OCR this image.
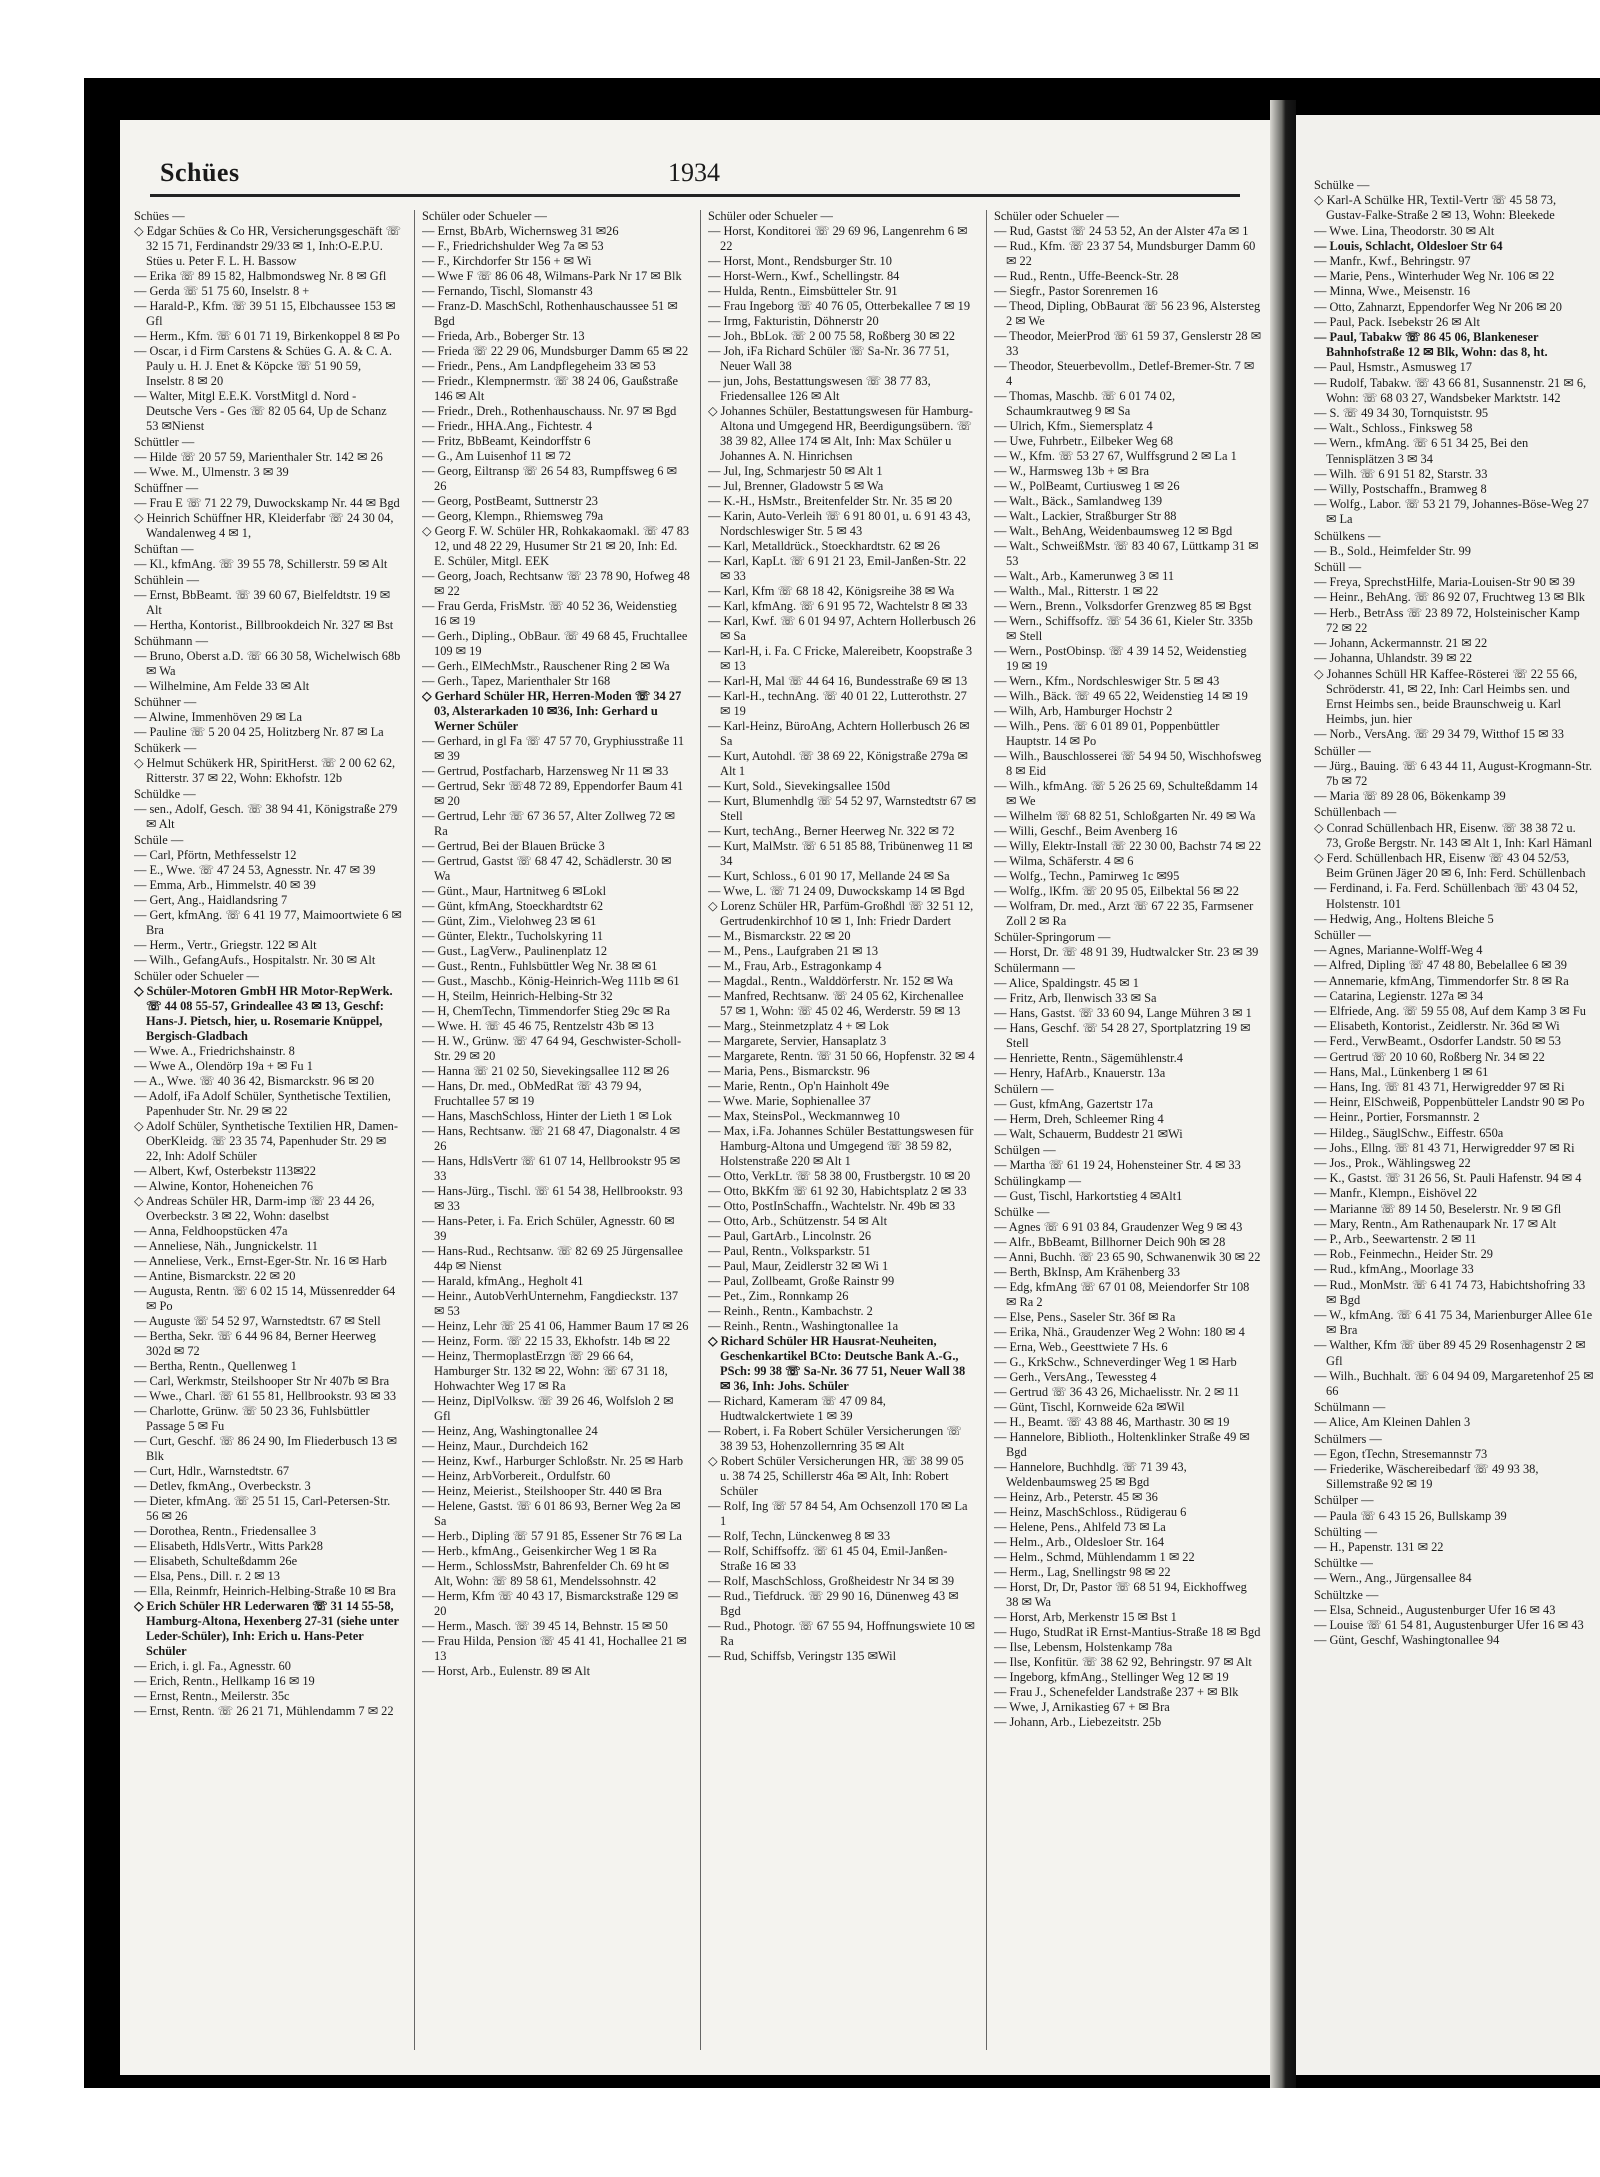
Schües	1934

Schües —

◇ Edgar Schües & Co HR, Versicherungsgeschäft ☏ 32 15 71, Ferdinandstr 29/33 ✉ 1, Inh:O-E.P.U. Stües u. Peter F. L. H. Bassow

— Erika ☏ 89 15 82, Halbmondsweg Nr. 8 ✉ Gfl

— Gerda ☏ 51 75 60, Inselstr. 8 +

— Harald-P., Kfm. ☏ 39 51 15, Elbchaussee 153 ✉ Gfl

— Herm., Kfm. ☏ 6 01 71 19, Birkenkoppel 8 ✉ Po

— Oscar, i d Firm Carstens & Schües G. A. & C. A. Pauly u. H. J. Enet & Köpcke ☏ 51 90 59, Inselstr. 8 ✉ 20

— Walter, Mitgl E.E.K. VorstMitgl d. Nord - Deutsche Vers - Ges ☏ 82 05 64, Up de Schanz 53 ✉Nienst

Schüttler —

— Hilde ☏ 20 57 59, Marienthaler Str. 142 ✉ 26

— Wwe. M., Ulmenstr. 3 ✉ 39

Schüffner —

— Frau E ☏ 71 22 79, Duwockskamp Nr. 44 ✉ Bgd

◇ Heinrich Schüffner HR, Kleiderfabr ☏ 24 30 04, Wandalenweg 4 ✉ 1,

Schüftan —

— Kl., kfmAng. ☏ 39 55 78, Schillerstr. 59 ✉ Alt

Schühlein —

— Ernst, BbBeamt. ☏ 39 60 67, Bielfeldtstr. 19 ✉ Alt

— Hertha, Kontorist., Billbrookdeich Nr. 327 ✉ Bst

Schühmann —

— Bruno, Oberst a.D. ☏ 66 30 58, Wichelwisch 68b ✉ Wa

— Wilhelmine, Am Felde 33 ✉ Alt

Schühner —

— Alwine, Immenhöven 29 ✉ La

— Pauline ☏ 5 20 04 25, Holitzberg Nr. 87 ✉ La

Schükerk —

◇ Helmut Schükerk HR, SpiritHerst. ☏ 2 00 62 62, Ritterstr. 37 ✉ 22, Wohn: Ekhofstr. 12b

Schüldke —

— sen., Adolf, Gesch. ☏ 38 94 41, Königstraße 279 ✉ Alt

Schüle —

— Carl, Pförtn, Methfesselstr 12

— E., Wwe. ☏ 47 24 53, Agnesstr. Nr. 47 ✉ 39

— Emma, Arb., Himmelstr. 40 ✉ 39

— Gert, Ang., Haidlandsring 7

— Gert, kfmAng. ☏ 6 41 19 77, Maimoortwiete 6 ✉ Bra

— Herm., Vertr., Griegstr. 122 ✉ Alt

— Wilh., GefangAufs., Hospitalstr. Nr. 30 ✉ Alt

Schüler oder Schueler —

◇ Schüler-Motoren GmbH HR Motor-RepWerk. ☏ 44 08 55-57, Grindeallee 43 ✉ 13, Geschf: Hans-J. Pietsch, hier, u. Rosemarie Knüppel, Bergisch-Gladbach

— Wwe. A., Friedrichshainstr. 8

— Wwe A., Olendörp 19a + ✉ Fu 1

— A., Wwe. ☏ 40 36 42, Bismarckstr. 96 ✉ 20

— Adolf, iFa Adolf Schüler, Synthetische Textilien, Papenhuder Str. Nr. 29 ✉ 22

◇ Adolf Schüler, Synthetische Textilien HR, Damen-OberKleidg. ☏ 23 35 74, Papenhuder Str. 29 ✉ 22, Inh: Adolf Schüler

— Albert, Kwf, Osterbekstr 113✉22

— Alwine, Kontor, Hoheneichen 76

◇ Andreas Schüler HR, Darm-imp ☏ 23 44 26, Overbeckstr. 3 ✉ 22, Wohn: daselbst

— Anna, Feldhoopstücken 47a

— Anneliese, Näh., Jungnickelstr. 11

— Anneliese, Verk., Ernst-Eger-Str. Nr. 16 ✉ Harb

— Antine, Bismarckstr. 22 ✉ 20

— Augusta, Rentn. ☏ 6 02 15 14, Müssenredder 64 ✉ Po

— Auguste ☏ 54 52 97, Warnstedtstr. 67 ✉ Stell

— Bertha, Sekr. ☏ 6 44 96 84, Berner Heerweg 302d ✉ 72

— Bertha, Rentn., Quellenweg 1

— Carl, Werkmstr, Steilshooper Str Nr 407b ✉ Bra

— Wwe., Charl. ☏ 61 55 81, Hellbrookstr. 93 ✉ 33

— Charlotte, Grünw. ☏ 50 23 36, Fuhlsbüttler Passage 5 ✉ Fu

— Curt, Geschf. ☏ 86 24 90, Im Fliederbusch 13 ✉ Blk

— Curt, Hdlr., Warnstedtstr. 67

— Detlev, fkmAng., Overbeckstr. 3

— Dieter, kfmAng. ☏ 25 51 15, Carl-Petersen-Str. 56 ✉ 26

— Dorothea, Rentn., Friedensallee 3

— Elisabeth, HdlsVertr., Witts Park28

— Elisabeth, Schulteßdamm 26e

— Elsa, Pens., Dill. r. 2 ✉ 13

— Ella, Reinmfr, Heinrich-Helbing-Straße 10 ✉ Bra

◇ Erich Schüler HR Lederwaren ☏ 31 14 55-58, Hamburg-Altona, Hexenberg 27-31 (siehe unter Leder-Schüler), Inh: Erich u. Hans-Peter Schüler

— Erich, i. gl. Fa., Agnesstr. 60

— Erich, Rentn., Hellkamp 16 ✉ 19

— Ernst, Rentn., Meilerstr. 35c

— Ernst, Rentn. ☏ 26 21 71, Mühlendamm 7 ✉ 22

Schüler oder Schueler —

— Ernst, BbArb, Wichernsweg 31 ✉26

— F., Friedrichshulder Weg 7a ✉ 53

— F., Kirchdorfer Str 156 + ✉ Wi

— Wwe F ☏ 86 06 48, Wilmans-Park Nr 17 ✉ Blk

— Fernando, Tischl, Slomanstr 43

— Franz-D. MaschSchl, Rothenhauschaussee 51 ✉ Bgd

— Frieda, Arb., Boberger Str. 13

— Frieda ☏ 22 29 06, Mundsburger Damm 65 ✉ 22

— Friedr., Pens., Am Landpflegeheim 33 ✉ 53

— Friedr., Klempnermstr. ☏ 38 24 06, Gaußstraße 146 ✉ Alt

— Friedr., Dreh., Rothenhauschauss. Nr. 97 ✉ Bgd

— Friedr., HHA.Ang., Fichtestr. 4

— Fritz, BbBeamt, Keindorffstr 6

— G., Am Luisenhof 11 ✉ 72

— Georg, Eiltransp ☏ 26 54 83, Rumpffsweg 6 ✉ 26

— Georg, PostBeamt, Suttnerstr 23

— Georg, Klempn., Rhiemsweg 79a

◇ Georg F. W. Schüler HR, Rohkakaomakl. ☏ 47 83 12, und 48 22 29, Husumer Str 21 ✉ 20, Inh: Ed. E. Schüler, Mitgl. EEK

— Georg, Joach, Rechtsanw ☏ 23 78 90, Hofweg 48 ✉ 22

— Frau Gerda, FrisMstr. ☏ 40 52 36, Weidenstieg 16 ✉ 19

— Gerh., Dipling., ObBaur. ☏ 49 68 45, Fruchtallee 109 ✉ 19

— Gerh., ElMechMstr., Rauschener Ring 2 ✉ Wa

— Gerh., Tapez, Marienthaler Str 168

◇ Gerhard Schüler HR, Herren-Moden ☏ 34 27 03, Alsterarkaden 10 ✉36, Inh: Gerhard u Werner Schüler

— Gerhard, in gl Fa ☏ 47 57 70, Gryphiusstraße 11 ✉ 39

— Gertrud, Postfacharb, Harzensweg Nr 11 ✉ 33

— Gertrud, Sekr ☏48 72 89, Eppendorfer Baum 41 ✉ 20

— Gertrud, Lehr ☏ 67 36 57, Alter Zollweg 72 ✉ Ra

— Gertrud, Bei der Blauen Brücke 3

— Gertrud, Gastst ☏ 68 47 42, Schädlerstr. 30 ✉ Wa

— Günt., Maur, Hartnitweg 6 ✉Lokl

— Günt, kfmAng, Stoeckhardtstr 62

— Günt, Zim., Vielohweg 23 ✉ 61

— Günter, Elektr., Tucholskyring 11

— Gust., LagVerw., Paulinenplatz 12

— Gust., Rentn., Fuhlsbüttler Weg Nr. 38 ✉ 61

— Gust., Maschb., König-Heinrich-Weg 111b ✉ 61

— H, Steilm, Heinrich-Helbing-Str 32

— H, ChemTechn, Timmendorfer Stieg 29c ✉ Ra

— Wwe. H. ☏ 45 46 75, Rentzelstr 43b ✉ 13

— H. W., Grünw. ☏ 47 64 94, Geschwister-Scholl-Str. 29 ✉ 20

— Hanna ☏ 21 02 50, Sievekingsallee 112 ✉ 26

— Hans, Dr. med., ObMedRat ☏ 43 79 94, Fruchtallee 57 ✉ 19

— Hans, MaschSchloss, Hinter der Lieth 1 ✉ Lok

— Hans, Rechtsanw. ☏ 21 68 47, Diagonalstr. 4 ✉ 26

— Hans, HdlsVertr ☏ 61 07 14, Hellbrookstr 95 ✉ 33

— Hans-Jürg., Tischl. ☏ 61 54 38, Hellbrookstr. 93 ✉ 33

— Hans-Peter, i. Fa. Erich Schüler, Agnesstr. 60 ✉ 39

— Hans-Rud., Rechtsanw. ☏ 82 69 25 Jürgensallee 44p ✉ Nienst

— Harald, kfmAng., Hegholt 41

— Heinr., AutobVerhUnternehm, Fangdieckstr. 137 ✉ 53

— Heinz, Lehr ☏ 25 41 06, Hammer Baum 17 ✉ 26

— Heinz, Form. ☏ 22 15 33, Ekhofstr. 14b ✉ 22

— Heinz, ThermoplastErzgn ☏ 29 66 64, Hamburger Str. 132 ✉ 22, Wohn: ☏ 67 31 18, Hohwachter Weg 17 ✉ Ra

— Heinz, DiplVolksw. ☏ 39 26 46, Wolfsloh 2 ✉ Gfl

— Heinz, Ang, Washingtonallee 24

— Heinz, Maur., Durchdeich 162

— Heinz, Kwf., Harburger Schloßstr. Nr. 25 ✉ Harb

— Heinz, ArbVorbereit., Ordulfstr. 60

— Heinz, Meierist., Steilshooper Str. 440 ✉ Bra

— Helene, Gastst. ☏ 6 01 86 93, Berner Weg 2a ✉ Sa

— Herb., Dipling ☏ 57 91 85, Essener Str 76 ✉ La

— Herb., kfmAng., Geisenkircher Weg 1 ✉ Ra

— Herm., SchlossMstr, Bahrenfelder Ch. 69 ht ✉ Alt, Wohn: ☏ 89 58 61, Mendelssohnstr. 42

— Herm, Kfm ☏ 40 43 17, Bismarckstraße 129 ✉ 20

— Herm., Masch. ☏ 39 45 14, Behnstr. 15 ✉ 50

— Frau Hilda, Pension ☏ 45 41 41, Hochallee 21 ✉ 13

— Horst, Arb., Eulenstr. 89 ✉ Alt

Schüler oder Schueler —

— Horst, Konditorei ☏ 29 69 96, Langenrehm 6 ✉ 22

— Horst, Mont., Rendsburger Str. 10

— Horst-Wern., Kwf., Schellingstr. 84

— Hulda, Rentn., Eimsbütteler Str. 91

— Frau Ingeborg ☏ 40 76 05, Otterbekallee 7 ✉ 19

— Irmg, Fakturistin, Döhnerstr 20

— Joh., BbLok. ☏ 2 00 75 58, Roßberg 30 ✉ 22

— Joh, iFa Richard Schüler ☏ Sa-Nr. 36 77 51, Neuer Wall 38

— jun, Johs, Bestattungswesen ☏ 38 77 83, Friedensallee 126 ✉ Alt

◇ Johannes Schüler, Bestattungswesen für Hamburg-Altona und Umgegend HR, Beerdigungsübern. ☏ 38 39 82, Allee 174 ✉ Alt, Inh: Max Schüler u Johannes A. N. Hinrichsen

— Jul, Ing, Schmarjestr 50 ✉ Alt 1

— Jul, Brenner, Gladowstr 5 ✉ Wa

— K.-H., HsMstr., Breitenfelder Str. Nr. 35 ✉ 20

— Karin, Auto-Verleih ☏ 6 91 80 01, u. 6 91 43 43, Nordschleswiger Str. 5 ✉ 43

— Karl, Metalldrück., Stoeckhardtstr. 62 ✉ 26

— Karl, KapLt. ☏ 6 91 21 23, Emil-Janßen-Str. 22 ✉ 33

— Karl, Kfm ☏ 68 18 42, Königsreihe 38 ✉ Wa

— Karl, kfmAng. ☏ 6 91 95 72, Wachtelstr 8 ✉ 33

— Karl, Kwf. ☏ 6 01 94 97, Achtern Hollerbusch 26 ✉ Sa

— Karl-H, i. Fa. C Fricke, Malereibetr, Koopstraße 3 ✉ 13

— Karl-H, Mal ☏ 44 64 16, Bundesstraße 69 ✉ 13

— Karl-H., technAng. ☏ 40 01 22, Lutterothstr. 27 ✉ 19

— Karl-Heinz, BüroAng, Achtern Hollerbusch 26 ✉ Sa

— Kurt, Autohdl. ☏ 38 69 22, Königstraße 279a ✉ Alt 1

— Kurt, Sold., Sievekingsallee 150d

— Kurt, Blumenhdlg ☏ 54 52 97, Warnstedtstr 67 ✉ Stell

— Kurt, techAng., Berner Heerweg Nr. 322 ✉ 72

— Kurt, MalMstr. ☏ 6 51 85 88, Tribünenweg 11 ✉ 34

— Kurt, Schloss., 6 01 90 17, Mellande 24 ✉ Sa

— Wwe, L. ☏ 71 24 09, Duwockskamp 14 ✉ Bgd

◇ Lorenz Schüler HR, Parfüm-Großhdl ☏ 32 51 12, Gertrudenkirchhof 10 ✉ 1, Inh: Friedr Dardert

— M., Bismarckstr. 22 ✉ 20

— M., Pens., Laufgraben 21 ✉ 13

— M., Frau, Arb., Estragonkamp 4

— Magdal., Rentn., Walddörferstr. Nr. 152 ✉ Wa

— Manfred, Rechtsanw. ☏ 24 05 62, Kirchenallee 57 ✉ 1, Wohn: ☏ 45 02 46, Werderstr. 59 ✉ 13

— Marg., Steinmetzplatz 4 + ✉ Lok

— Margarete, Servier, Hansaplatz 3

— Margarete, Rentn. ☏ 31 50 66, Hopfenstr. 32 ✉ 4

— Maria, Pens., Bismarckstr. 96

— Marie, Rentn., Op'n Hainholt 49e

— Wwe. Marie, Sophienallee 37

— Max, SteinsPol., Weckmannweg 10

— Max, i.Fa. Johannes Schüler Bestattungswesen für Hamburg-Altona und Umgegend ☏ 38 59 82, Holstenstraße 220 ✉ Alt 1

— Otto, VerkLtr. ☏ 58 38 00, Frustbergstr. 10 ✉ 20

— Otto, BkKfm ☏ 61 92 30, Habichtsplatz 2 ✉ 33

— Otto, PostInSchaffn., Wachtelstr. Nr. 49b ✉ 33

— Otto, Arb., Schützenstr. 54 ✉ Alt

— Paul, GartArb., Lincolnstr. 26

— Paul, Rentn., Volksparkstr. 51

— Paul, Maur, Zeidlerstr 32 ✉ Wi 1

— Paul, Zollbeamt, Große Rainstr 99

— Pet., Zim., Ronnkamp 26

— Reinh., Rentn., Kambachstr. 2

— Reinh., Rentn., Washingtonallee 1a

◇ Richard Schüler HR Hausrat-Neuheiten, Geschenkartikel BCto: Deutsche Bank A.-G., PSch: 99 38 ☏ Sa-Nr. 36 77 51, Neuer Wall 38 ✉ 36, Inh: Johs. Schüler

— Richard, Kameram ☏ 47 09 84, Hudtwalckertwiete 1 ✉ 39

— Robert, i. Fa Robert Schüler Versicherungen ☏ 38 39 53, Hohenzollernring 35 ✉ Alt

◇ Robert Schüler Versicherungen HR, ☏ 38 99 05 u. 38 74 25, Schillerstr 46a ✉ Alt, Inh: Robert Schüler

— Rolf, Ing ☏ 57 84 54, Am Ochsenzoll 170 ✉ La 1

— Rolf, Techn, Lünckenweg 8 ✉ 33

— Rolf, Schiffsoffz. ☏ 61 45 04, Emil-Janßen-Straße 16 ✉ 33

— Rolf, MaschSchloss, Großheidestr Nr 34 ✉ 39

— Rud., Tiefdruck. ☏ 29 90 16, Dünenweg 43 ✉ Bgd

— Rud., Photogr. ☏ 67 55 94, Hoffnungswiete 10 ✉ Ra

— Rud, Schiffsb, Veringstr 135 ✉Wil

Schüler oder Schueler —

— Rud, Gastst ☏ 24 53 52, An der Alster 47a ✉ 1

— Rud., Kfm. ☏ 23 37 54, Mundsburger Damm 60 ✉ 22

— Rud., Rentn., Uffe-Beenck-Str. 28

— Siegfr., Pastor Sorenremen 16

— Theod, Dipling, ObBaurat ☏ 56 23 96, Alstersteg 2 ✉ We

— Theodor, MeierProd ☏ 61 59 37, Genslerstr 28 ✉ 33

— Theodor, Steuerbevollm., Detlef-Bremer-Str. 7 ✉ 4

— Thomas, Maschb. ☏ 6 01 74 02, Schaumkrautweg 9 ✉ Sa

— Ulrich, Kfm., Siemersplatz 4

— Uwe, Fuhrbetr., Eilbeker Weg 68

— W., Kfm. ☏ 53 27 67, Wulffsgrund 2 ✉ La 1

— W., Harmsweg 13b + ✉ Bra

— W., PolBeamt, Curtiusweg 1 ✉ 26

— Walt., Bäck., Samlandweg 139

— Walt., Lackier, Straßburger Str 88

— Walt., BehAng, Weidenbaumsweg 12 ✉ Bgd

— Walt., SchweißMstr. ☏ 83 40 67, Lüttkamp 31 ✉ 53

— Walt., Arb., Kamerunweg 3 ✉ 11

— Walth., Mal., Ritterstr. 1 ✉ 22

— Wern., Brenn., Volksdorfer Grenzweg 85 ✉ Bgst

— Wern., Schiffsoffz. ☏ 54 36 61, Kieler Str. 335b ✉ Stell

— Wern., PostObinsp. ☏ 4 39 14 52, Weidenstieg 19 ✉ 19

— Wern., Kfm., Nordschleswiger Str. 5 ✉ 43

— Wilh., Bäck. ☏ 49 65 22, Weidenstieg 14 ✉ 19

— Wilh, Arb, Hamburger Hochstr 2

— Wilh., Pens. ☏ 6 01 89 01, Poppenbüttler Hauptstr. 14 ✉ Po

— Wilh., Bauschlosserei ☏ 54 94 50, Wischhofsweg 8 ✉ Eid

— Wilh., kfmAng. ☏ 5 26 25 69, Schulteßdamm 14 ✉ We

— Wilhelm ☏ 68 82 51, Schloßgarten Nr. 49 ✉ Wa

— Willi, Geschf., Beim Avenberg 16

— Willy, Elektr-Install ☏ 22 30 00, Bachstr 74 ✉ 22

— Wilma, Schäferstr. 4 ✉ 6

— Wolfg., Techn., Pamirweg 1c ✉95

— Wolfg., lKfm. ☏ 20 95 05, Eilbektal 56 ✉ 22

— Wolfram, Dr. med., Arzt ☏ 67 22 35, Farmsener Zoll 2 ✉ Ra

Schüler-Springorum —

— Horst, Dr. ☏ 48 91 39, Hudtwalcker Str. 23 ✉ 39

Schülermann —

— Alice, Spaldingstr. 45 ✉ 1

— Fritz, Arb, Ilenwisch 33 ✉ Sa

— Hans, Gastst. ☏ 33 60 94, Lange Mühren 3 ✉ 1

— Hans, Geschf. ☏ 54 28 27, Sportplatzring 19 ✉ Stell

— Henriette, Rentn., Sägemühlenstr.4

— Henry, HafArb., Knauerstr. 13a

Schülern —

— Gust, kfmAng, Gazertstr 17a

— Herm, Dreh, Schleemer Ring 4

— Walt, Schauerm, Buddestr 21 ✉Wi

Schülgen —

— Martha ☏ 61 19 24, Hohensteiner Str. 4 ✉ 33

Schülingkamp —

— Gust, Tischl, Harkortstieg 4 ✉Alt1

Schülke —

— Agnes ☏ 6 91 03 84, Graudenzer Weg 9 ✉ 43

— Alfr., BbBeamt, Billhorner Deich 90h ✉ 28

— Anni, Buchh. ☏ 23 65 90, Schwanenwik 30 ✉ 22

— Berth, BkInsp, Am Krähenberg 33

— Edg, kfmAng ☏ 67 01 08, Meiendorfer Str 108 ✉ Ra 2

— Else, Pens., Saseler Str. 36f ✉ Ra

— Erika, Nhä., Graudenzer Weg 2 Wohn: 180 ✉ 4

— Erna, Web., Geesttwiete 7 Hs. 6

— G., KrkSchw., Schneverdinger Weg 1 ✉ Harb

— Gerh., VersAng., Tewessteg 4

— Gertrud ☏ 36 43 26, Michaelisstr. Nr. 2 ✉ 11

— Günt, Tischl, Kornweide 62a ✉Wil

— H., Beamt. ☏ 43 88 46, Marthastr. 30 ✉ 19

— Hannelore, Biblioth., Holtenklinker Straße 49 ✉ Bgd

— Hannelore, Buchhdlg. ☏ 71 39 43, Weldenbaumsweg 25 ✉ Bgd

— Heinz, Arb., Peterstr. 45 ✉ 36

— Heinz, MaschSchloss., Rüdigerau 6

— Helene, Pens., Ahlfeld 73 ✉ La

— Helm., Arb., Oldesloer Str. 164

— Helm., Schmd, Mühlendamm 1 ✉ 22

— Herm., Lag, Snellingstr 98 ✉ 22

— Horst, Dr, Dr, Pastor ☏ 68 51 94, Eickhoffweg 38 ✉ Wa

— Horst, Arb, Merkenstr 15 ✉ Bst 1

— Hugo, StudRat iR Ernst-Mantius-Straße 18 ✉ Bgd

— Ilse, Lebensm, Holstenkamp 78a

— Ilse, Konfitür. ☏ 38 62 92, Behringstr. 97 ✉ Alt

— Ingeborg, kfmAng., Stellinger Weg 12 ✉ 19

— Frau J., Schenefelder Landstraße 237 + ✉ Blk

— Wwe, J, Arnikastieg 67 + ✉ Bra

— Johann, Arb., Liebezeitstr. 25b

Schülke —

◇ Karl-A Schülke HR, Textil-Vertr ☏ 45 58 73, Gustav-Falke-Straße 2 ✉ 13, Wohn: Bleekede

— Wwe. Lina, Theodorstr. 30 ✉ Alt

— Louis, Schlacht, Oldesloer Str 64

— Manfr., Kwf., Behringstr. 97

— Marie, Pens., Winterhuder Weg Nr. 106 ✉ 22

— Minna, Wwe., Meisenstr. 16

— Otto, Zahnarzt, Eppendorfer Weg Nr 206 ✉ 20

— Paul, Pack. Isebekstr 26 ✉ Alt

— Paul, Tabakw ☏ 86 45 06, Blankeneser Bahnhofstraße 12 ✉ Blk, Wohn: das 8, ht.

— Paul, Hsmstr., Asmusweg 17

— Rudolf, Tabakw. ☏ 43 66 81, Susannenstr. 21 ✉ 6, Wohn: ☏ 68 03 27, Wandsbeker Marktstr. 142

— S. ☏ 49 34 30, Tornquiststr. 95

— Walt., Schloss., Finksweg 58

— Wern., kfmAng. ☏ 6 51 34 25, Bei den Tennisplätzen 3 ✉ 34

— Wilh. ☏ 6 91 51 82, Starstr. 33

— Willy, Postschaffn., Bramweg 8

— Wolfg., Labor. ☏ 53 21 79, Johannes-Böse-Weg 27 ✉ La

Schülkens —

— B., Sold., Heimfelder Str. 99

Schüll —

— Freya, SprechstHilfe, Maria-Louisen-Str 90 ✉ 39

— Heinr., BehAng. ☏ 86 92 07, Fruchtweg 13 ✉ Blk

— Herb., BetrAss ☏ 23 89 72, Holsteinischer Kamp 72 ✉ 22

— Johann, Ackermannstr. 21 ✉ 22

— Johanna, Uhlandstr. 39 ✉ 22

◇ Johannes Schüll HR Kaffee-Rösterei ☏ 22 55 66, Schröderstr. 41, ✉ 22, Inh: Carl Heimbs sen. und Ernst Heimbs sen., beide Braunschweig u. Karl Heimbs, jun. hier

— Norb., VersAng. ☏ 29 34 79, Witthof 15 ✉ 33

Schüller —

— Jürg., Bauing. ☏ 6 43 44 11, August-Krogmann-Str. 7b ✉ 72

— Maria ☏ 89 28 06, Bökenkamp 39

Schüllenbach —

◇ Conrad Schüllenbach HR, Eisenw. ☏ 38 38 72 u. 73, Große Bergstr. Nr. 143 ✉ Alt 1, Inh: Karl Hämanl

◇ Ferd. Schüllenbach HR, Eisenw ☏ 43 04 52/53, Beim Grünen Jäger 20 ✉ 6, Inh: Ferd. Schüllenbach

— Ferdinand, i. Fa. Ferd. Schüllenbach ☏ 43 04 52, Holstenstr. 101

— Hedwig, Ang., Holtens Bleiche 5

Schüller —

— Agnes, Marianne-Wolff-Weg 4

— Alfred, Dipling ☏ 47 48 80, Bebelallee 6 ✉ 39

— Annemarie, kfmAng, Timmendorfer Str. 8 ✉ Ra

— Catarina, Legienstr. 127a ✉ 34

— Elfriede, Ang. ☏ 59 55 08, Auf dem Kamp 3 ✉ Fu

— Elisabeth, Kontorist., Zeidlerstr. Nr. 36d ✉ Wi

— Ferd., VerwBeamt., Osdorfer Landstr. 50 ✉ 53

— Gertrud ☏ 20 10 60, Roßberg Nr. 34 ✉ 22

— Hans, Mal., Lünkenberg 1 ✉ 61

— Hans, Ing. ☏ 81 43 71, Herwigredder 97 ✉ Ri

— Heinr, ElSchweiß, Poppenbütteler Landstr 90 ✉ Po

— Heinr., Portier, Forsmannstr. 2

— Hildeg., SäuglSchw., Eiffestr. 650a

— Johs., Ellng. ☏ 81 43 71, Herwigredder 97 ✉ Ri

— Jos., Prok., Wählingsweg 22

— K., Gastst. ☏ 31 26 56, St. Pauli Hafenstr. 94 ✉ 4

— Manfr., Klempn., Eishövel 22

— Marianne ☏ 89 14 50, Beselerstr. Nr. 9 ✉ Gfl

— Mary, Rentn., Am Rathenaupark Nr. 17 ✉ Alt

— P., Arb., Seewartenstr. 2 ✉ 11

— Rob., Feinmechn., Heider Str. 29

— Rud., kfmAng., Moorlage 33

— Rud., MonMstr. ☏ 6 41 74 73, Habichtshofring 33 ✉ Bgd

— W., kfmAng. ☏ 6 41 75 34, Marienburger Allee 61e ✉ Bra

— Walther, Kfm ☏ über 89 45 29 Rosenhagenstr 2 ✉ Gfl

— Wilh., Buchhalt. ☏ 6 04 94 09, Margaretenhof 25 ✉ 66

Schülmann —

— Alice, Am Kleinen Dahlen 3

Schülmers —

— Egon, tTechn, Stresemannstr 73

— Friederike, Wäschereibedarf ☏ 49 93 38, Sillemstraße 92 ✉ 19

Schülper —

— Paula ☏ 6 43 15 26, Bullskamp 39

Schülting —

— H., Papenstr. 131 ✉ 22

Schültke —

— Wern., Ang., Jürgensallee 84

Schültzke —

— Elsa, Schneid., Augustenburger Ufer 16 ✉ 43

— Louise ☏ 61 54 81, Augustenburger Ufer 16 ✉ 43

— Günt, Geschf, Washingtonallee 94
